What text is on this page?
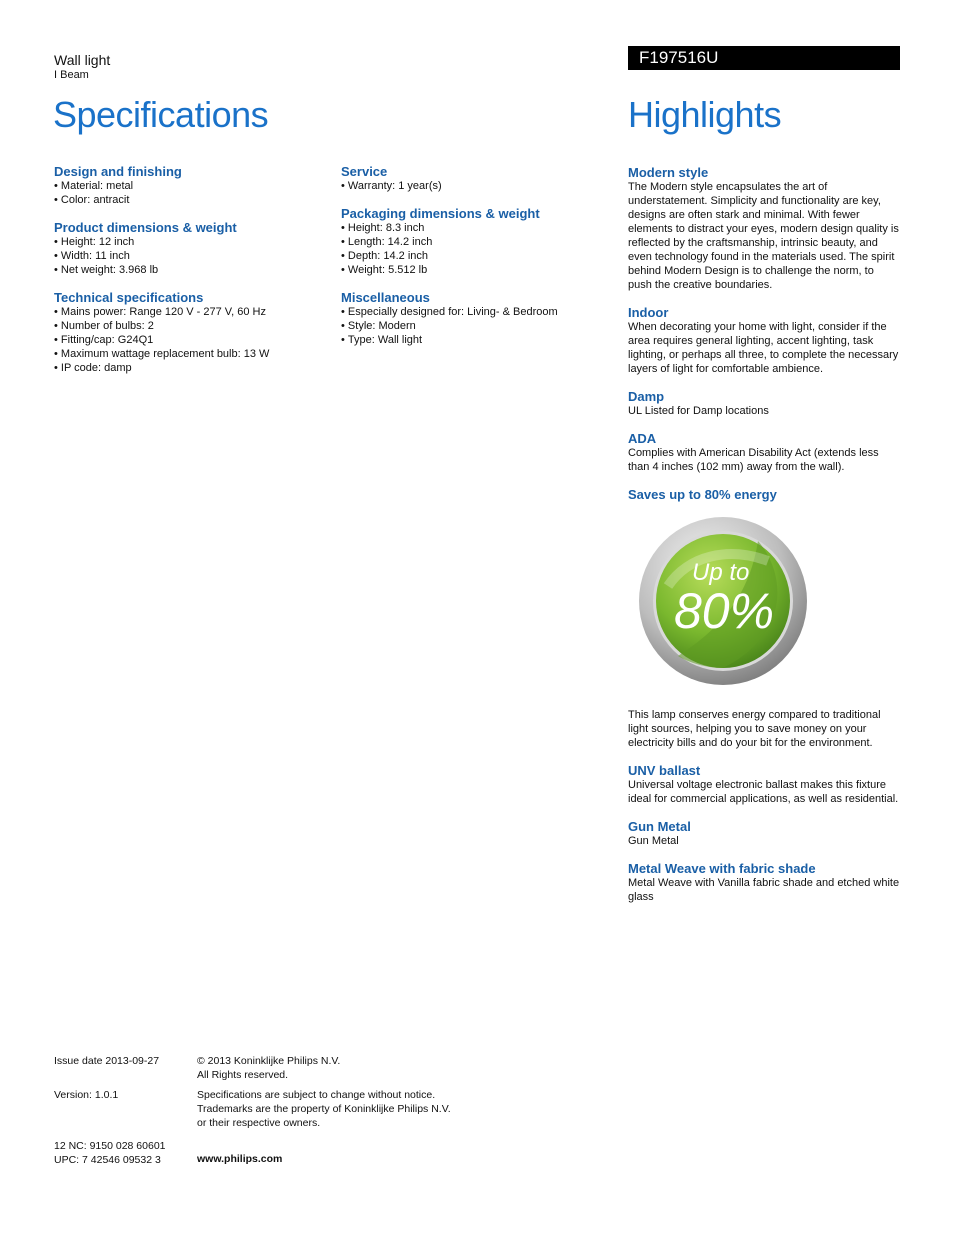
Wall light
I Beam
Specifications
F197516U
Highlights
Design and finishing
• Material: metal
• Color: antracit
Product dimensions & weight
• Height: 12 inch
• Width: 11 inch
• Net weight: 3.968 lb
Technical specifications
• Mains power: Range 120 V - 277 V, 60 Hz
• Number of bulbs: 2
• Fitting/cap: G24Q1
• Maximum wattage replacement bulb: 13 W
• IP code: damp
Service
• Warranty: 1 year(s)
Packaging dimensions & weight
• Height: 8.3 inch
• Length: 14.2 inch
• Depth: 14.2 inch
• Weight: 5.512 lb
Miscellaneous
• Especially designed for: Living- & Bedroom
• Style: Modern
• Type: Wall light
Modern style
The Modern style encapsulates the art of understatement. Simplicity and functionality are key, designs are often stark and minimal. With fewer elements to distract your eyes, modern design quality is reflected by the craftsmanship, intrinsic beauty, and even technology found in the materials used. The spirit behind Modern Design is to challenge the norm, to push the creative boundaries.
Indoor
When decorating your home with light, consider if the area requires general lighting, accent lighting, task lighting, or perhaps all three, to complete the necessary layers of light for comfortable ambience.
Damp
UL Listed for Damp locations
ADA
Complies with American Disability Act (extends less than 4 inches (102 mm) away from the wall).
Saves up to 80% energy
Up to
80%
This lamp conserves energy compared to traditional light sources, helping you to save money on your electricity bills and do your bit for the environment.
UNV ballast
Universal voltage electronic ballast makes this fixture ideal for commercial applications, as well as residential.
Gun Metal
Gun Metal
Metal Weave with fabric shade
Metal Weave with Vanilla fabric shade and etched white glass
Issue date 2013-09-27
Version: 1.0.1
12 NC: 9150 028 60601
UPC: 7 42546 09532 3
© 2013 Koninklijke Philips N.V.
All Rights reserved.
Specifications are subject to change without notice.
Trademarks are the property of Koninklijke Philips N.V.
or their respective owners.
www.philips.com
